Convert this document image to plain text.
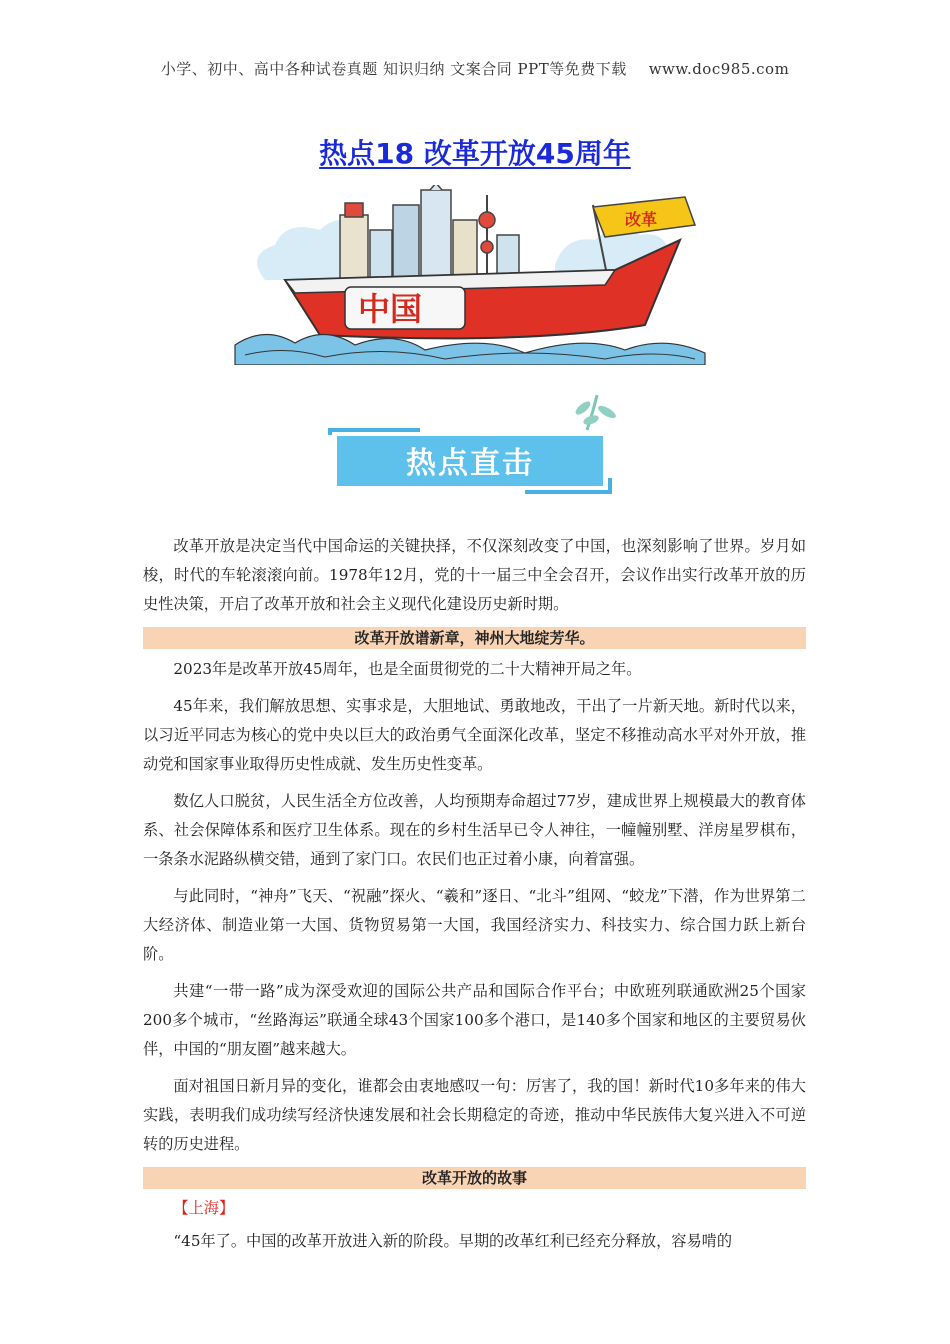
小学、初中、高中各种试卷真题 知识归纳 文案合同 PPT等免费下载 www.doc985.com
热点18 改革开放45周年
改革
中国
热点直击

改革开放是决定当代中国命运的关键抉择，不仅深刻改变了中国，也深刻影响了世界。岁月如梭，时代的车轮滚滚向前。1978年12月，党的十一届三中全会召开，会议作出实行改革开放的历史性决策，开启了改革开放和社会主义现代化建设历史新时期。

改革开放谱新章，神州大地绽芳华。

2023年是改革开放45周年，也是全面贯彻党的二十大精神开局之年。

45年来，我们解放思想、实事求是，大胆地试、勇敢地改，干出了一片新天地。新时代以来，以习近平同志为核心的党中央以巨大的政治勇气全面深化改革，坚定不移推动高水平对外开放，推动党和国家事业取得历史性成就、发生历史性变革。

数亿人口脱贫，人民生活全方位改善，人均预期寿命超过77岁，建成世界上规模最大的教育体系、社会保障体系和医疗卫生体系。现在的乡村生活早已令人神往，一幢幢别墅、洋房星罗棋布，一条条水泥路纵横交错，通到了家门口。农民们也正过着小康，向着富强。

与此同时，“神舟”飞天、“祝融”探火、“羲和”逐日、“北斗”组网、“蛟龙”下潜，作为世界第二大经济体、制造业第一大国、货物贸易第一大国，我国经济实力、科技实力、综合国力跃上新台阶。

共建“一带一路”成为深受欢迎的国际公共产品和国际合作平台；中欧班列联通欧洲25个国家200多个城市，“丝路海运”联通全球43个国家100多个港口，是140多个国家和地区的主要贸易伙伴，中国的“朋友圈”越来越大。

面对祖国日新月异的变化，谁都会由衷地感叹一句：厉害了，我的国！新时代10多年来的伟大实践，表明我们成功续写经济快速发展和社会长期稳定的奇迹，推动中华民族伟大复兴进入不可逆转的历史进程。

改革开放的故事
【上海】

“45年了。中国的改革开放进入新的阶段。早期的改革红利已经充分释放，容易啃的
